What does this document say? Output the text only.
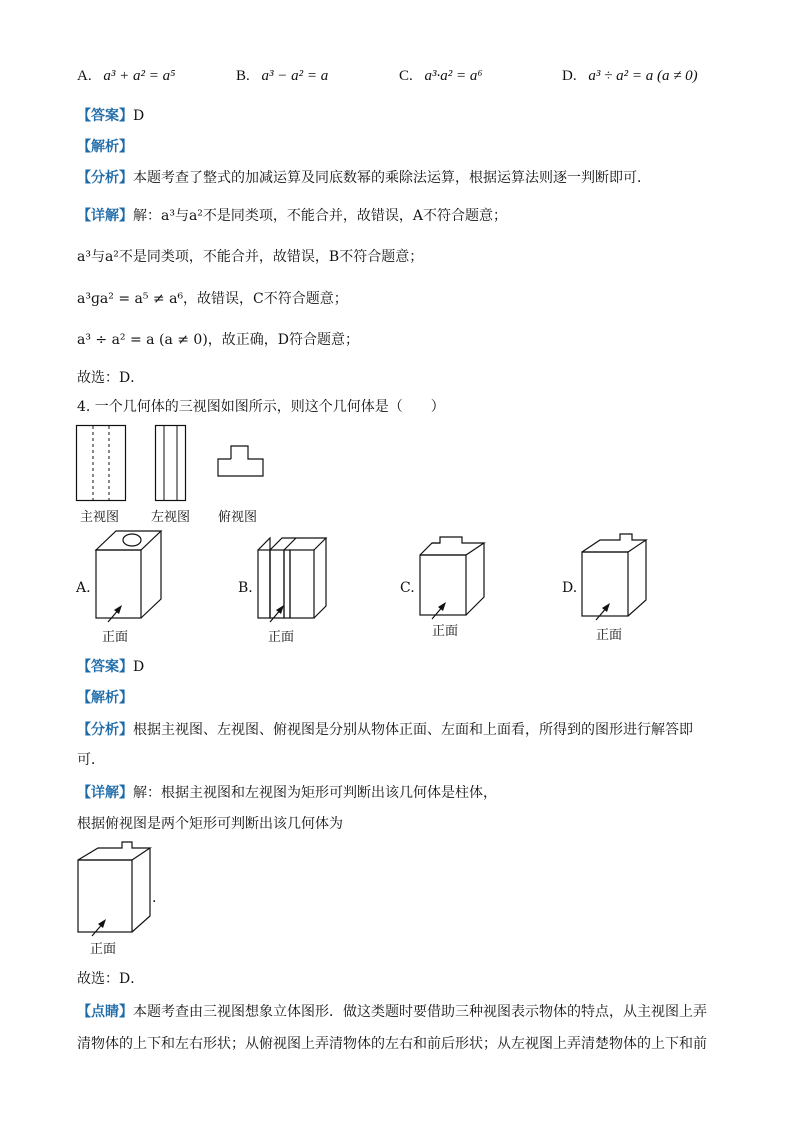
A. a³ + a² = a⁵	B. a³ − a² = a	C. a³·a² = a⁶	D. a³ ÷ a² = a (a ≠ 0)
【答案】D
【解析】
【分析】本题考查了整式的加减运算及同底数幂的乘除法运算，根据运算法则逐一判断即可．
【详解】解：a³与a²不是同类项，不能合并，故错误，A不符合题意；
a³与a²不是同类项，不能合并，故错误，B不符合题意；
a³ɡa² = a⁵ ≠ a⁶，故错误，C不符合题意；
a³ ÷ a² = a (a ≠ 0)，故正确，D符合题意；
故选：D．
4. 一个几何体的三视图如图所示，则这个几何体是（　　）
主视图 左视图 俯视图
A.
正面
B.
正面
C.
正面
D.
正面
【答案】D
【解析】
【分析】根据主视图、左视图、俯视图是分别从物体正面、左面和上面看，所得到的图形进行解答即
可．
【详解】解：根据主视图和左视图为矩形可判断出该几何体是柱体，
根据俯视图是两个矩形可判断出该几何体为
.
正面
故选：D．
【点睛】本题考查由三视图想象立体图形．做这类题时要借助三种视图表示物体的特点，从主视图上弄
清物体的上下和左右形状；从俯视图上弄清物体的左右和前后形状；从左视图上弄清楚物体的上下和前
